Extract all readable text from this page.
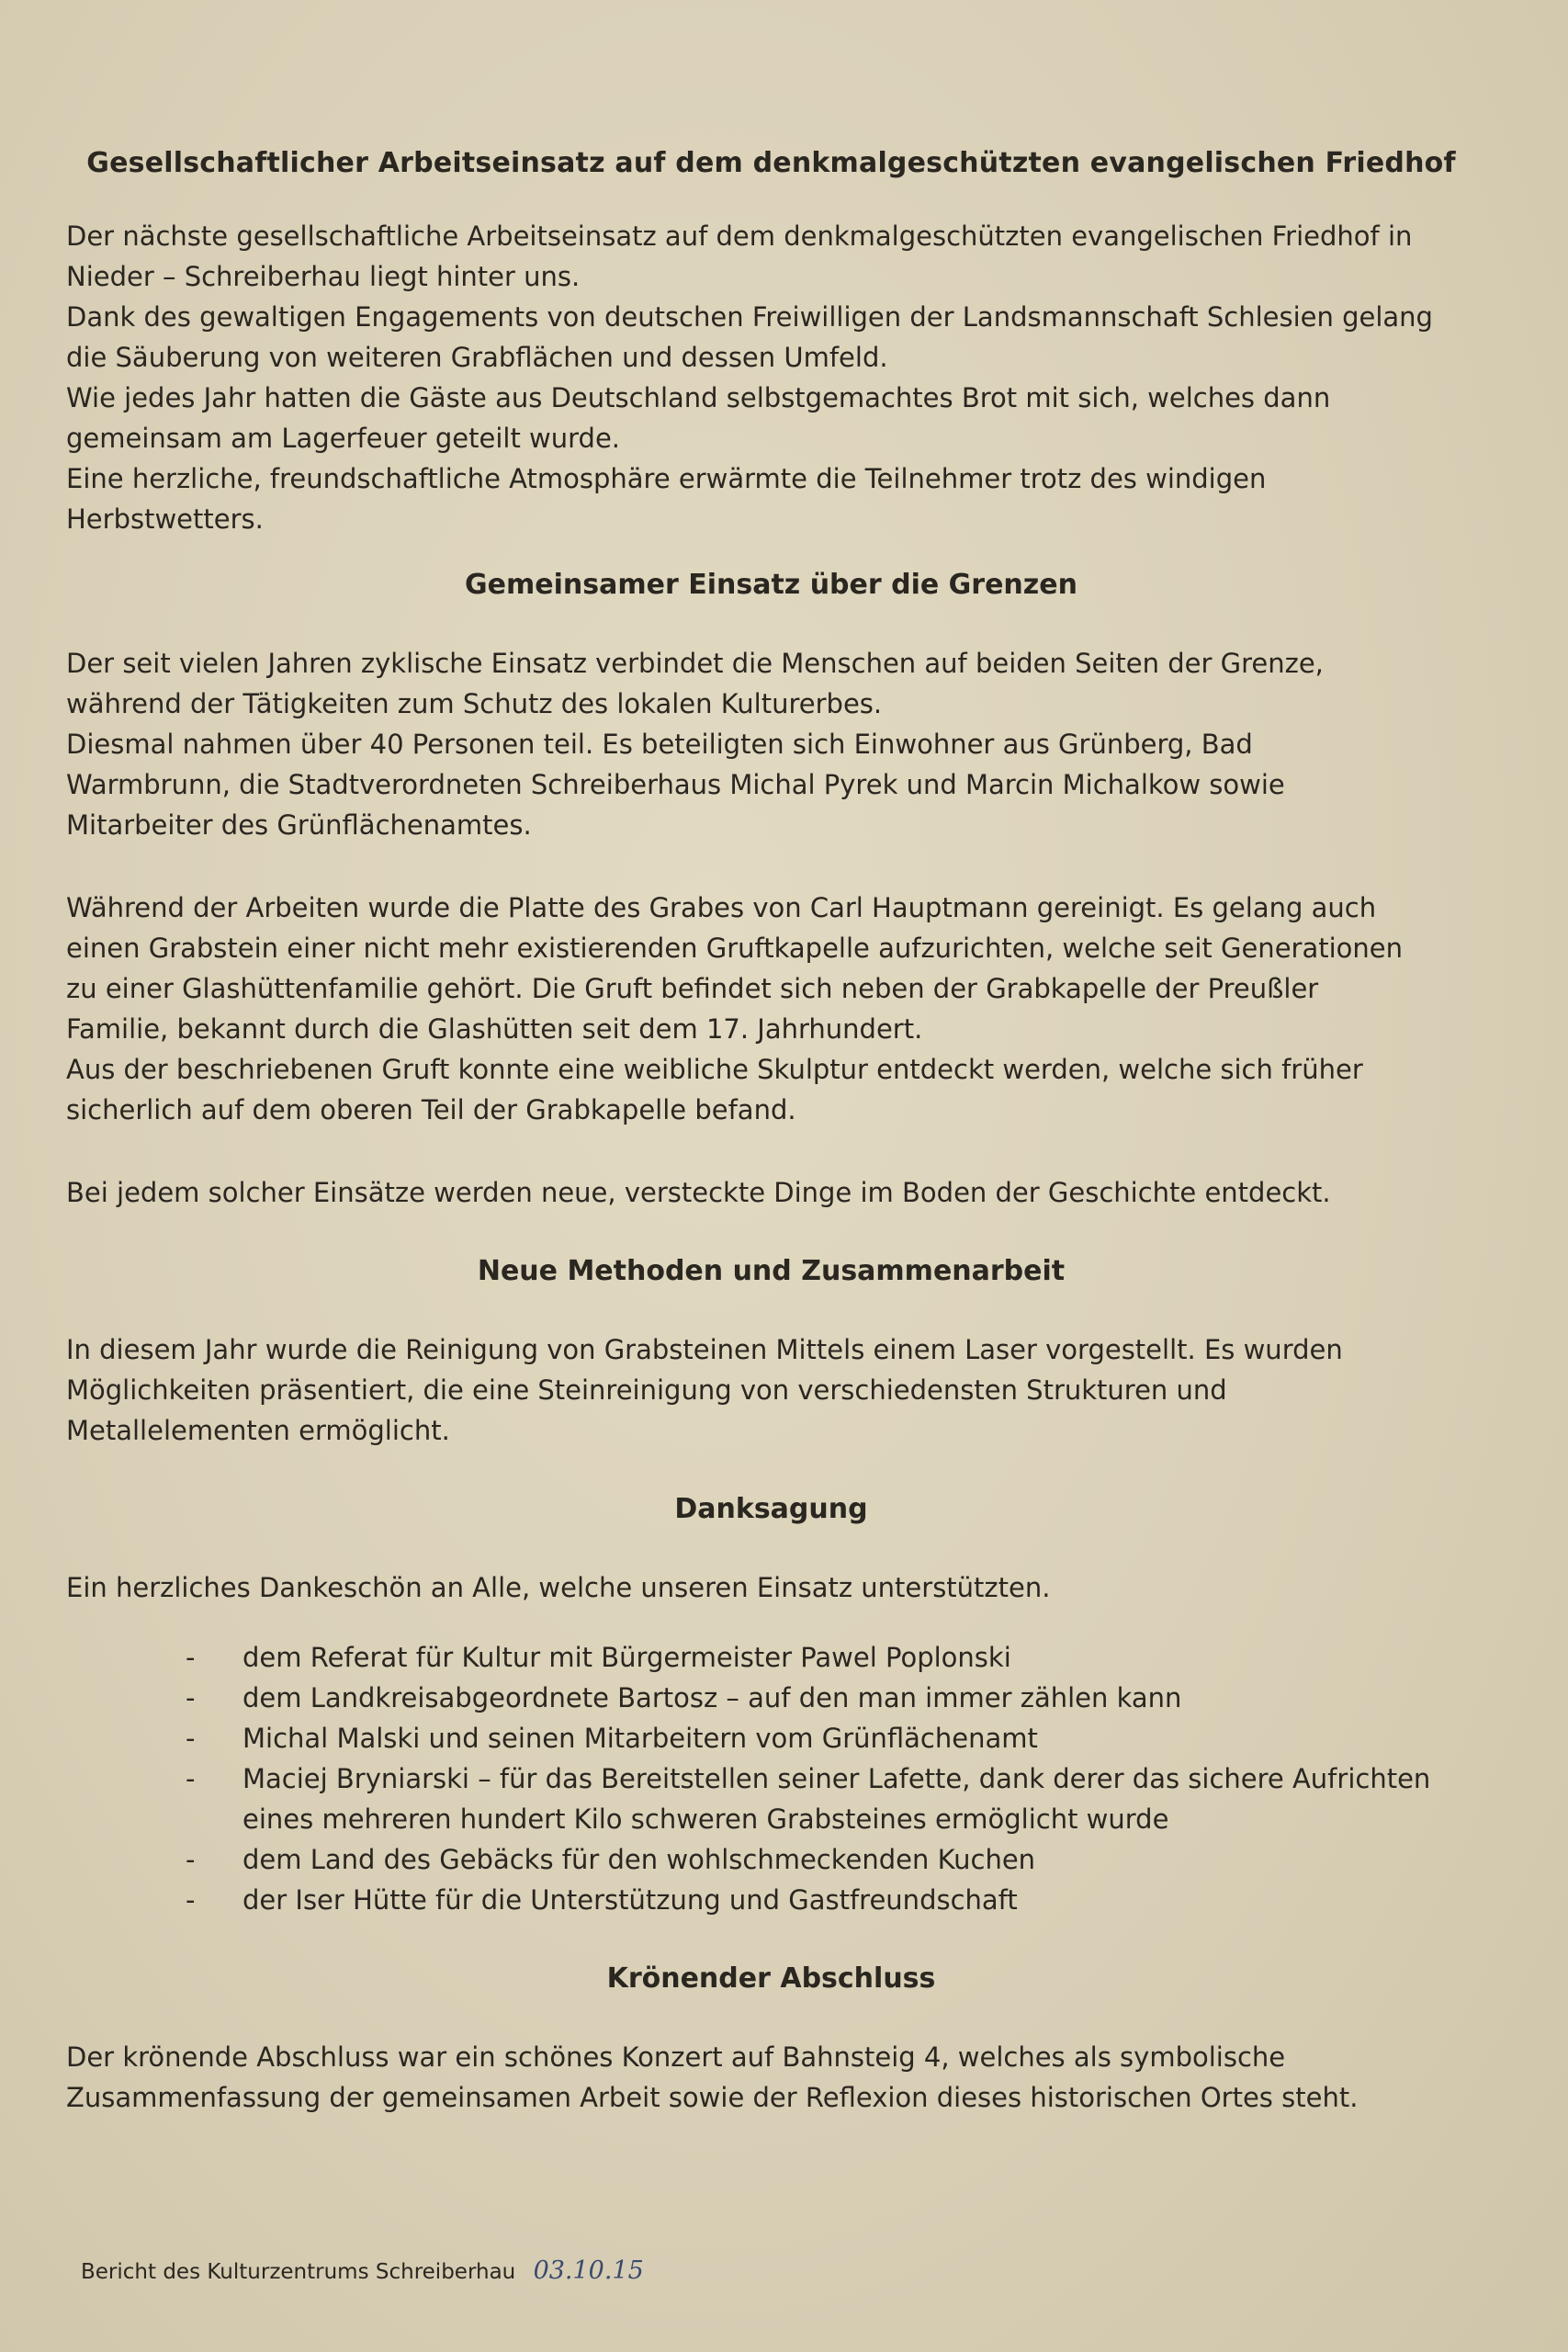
Gesellschaftlicher Arbeitseinsatz auf dem denkmalgeschützten evangelischen Friedhof

Der nächste gesellschaftliche Arbeitseinsatz auf dem denkmalgeschützten evangelischen Friedhof in
Nieder – Schreiberhau liegt hinter uns.
Dank des gewaltigen Engagements von deutschen Freiwilligen der Landsmannschaft Schlesien gelang
die Säuberung von weiteren Grabflächen und dessen Umfeld.
Wie jedes Jahr hatten die Gäste aus Deutschland selbstgemachtes Brot mit sich, welches dann
gemeinsam am Lagerfeuer geteilt wurde.
Eine herzliche, freundschaftliche Atmosphäre erwärmte die Teilnehmer trotz des windigen
Herbstwetters.

Gemeinsamer Einsatz über die Grenzen

Der seit vielen Jahren zyklische Einsatz verbindet die Menschen auf beiden Seiten der Grenze,
während der Tätigkeiten zum Schutz des lokalen Kulturerbes.
Diesmal nahmen über 40 Personen teil. Es beteiligten sich Einwohner aus Grünberg, Bad
Warmbrunn, die Stadtverordneten Schreiberhaus Michal Pyrek und Marcin Michalkow sowie
Mitarbeiter des Grünflächenamtes.

Während der Arbeiten wurde die Platte des Grabes von Carl Hauptmann gereinigt. Es gelang auch
einen Grabstein einer nicht mehr existierenden Gruftkapelle aufzurichten, welche seit Generationen
zu einer Glashüttenfamilie gehört. Die Gruft befindet sich neben der Grabkapelle der Preußler
Familie, bekannt durch die Glashütten seit dem 17. Jahrhundert.
Aus der beschriebenen Gruft konnte eine weibliche Skulptur entdeckt werden, welche sich früher
sicherlich auf dem oberen Teil der Grabkapelle befand.

Bei jedem solcher Einsätze werden neue, versteckte Dinge im Boden der Geschichte entdeckt.

Neue Methoden und Zusammenarbeit

In diesem Jahr wurde die Reinigung von Grabsteinen Mittels einem Laser vorgestellt. Es wurden
Möglichkeiten präsentiert, die eine Steinreinigung von verschiedensten Strukturen und
Metallelementen ermöglicht.

Danksagung

Ein herzliches Dankeschön an Alle, welche unseren Einsatz unterstützten.

- dem Referat für Kultur mit Bürgermeister Pawel Poplonski
- dem Landkreisabgeordnete Bartosz – auf den man immer zählen kann
- Michal Malski und seinen Mitarbeitern vom Grünflächenamt
- Maciej Bryniarski – für das Bereitstellen seiner Lafette, dank derer das sichere Aufrichten
eines mehreren hundert Kilo schweren Grabsteines ermöglicht wurde
- dem Land des Gebäcks für den wohlschmeckenden Kuchen
- der Iser Hütte für die Unterstützung und Gastfreundschaft
Krönender Abschluss

Der krönende Abschluss war ein schönes Konzert auf Bahnsteig 4, welches als symbolische
Zusammenfassung der gemeinsamen Arbeit sowie der Reflexion dieses historischen Ortes steht.

Bericht des Kulturzentrums Schreiberhau 03.10.15
